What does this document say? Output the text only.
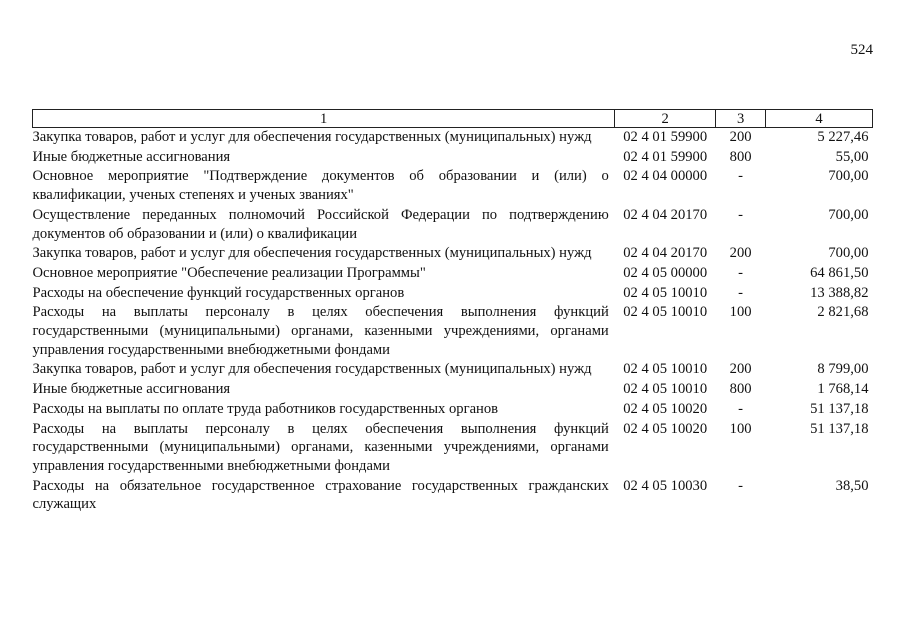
524
1	2	3	4
Закупка товаров, работ и услуг для обеспечения государственных (муниципальных) нужд	02 4 01 59900	200	5 227,46
Иные бюджетные ассигнования	02 4 01 59900	800	55,00
Основное мероприятие "Подтверждение документов об образовании и (или) о квалификации, ученых степенях и ученых званиях"	02 4 04 00000	-	700,00
Осуществление переданных полномочий Российской Федерации по подтверждению документов об образовании и (или) о квалификации	02 4 04 20170	-	700,00
Закупка товаров, работ и услуг для обеспечения государственных (муниципальных) нужд	02 4 04 20170	200	700,00
Основное мероприятие "Обеспечение реализации Программы"	02 4 05 00000	-	64 861,50
Расходы на обеспечение функций государственных органов	02 4 05 10010	-	13 388,82
Расходы на выплаты персоналу в целях обеспечения выполнения функций государственными (муниципальными) органами, казенными учреждениями, органами управления государственными внебюджетными фондами	02 4 05 10010	100	2 821,68
Закупка товаров, работ и услуг для обеспечения государственных (муниципальных) нужд	02 4 05 10010	200	8 799,00
Иные бюджетные ассигнования	02 4 05 10010	800	1 768,14
Расходы на выплаты по оплате труда работников государственных органов	02 4 05 10020	-	51 137,18
Расходы на выплаты персоналу в целях обеспечения выполнения функций государственными (муниципальными) органами, казенными учреждениями, органами управления государственными внебюджетными фондами	02 4 05 10020	100	51 137,18
Расходы на обязательное государственное страхование государственных гражданских служащих	02 4 05 10030	-	38,50
